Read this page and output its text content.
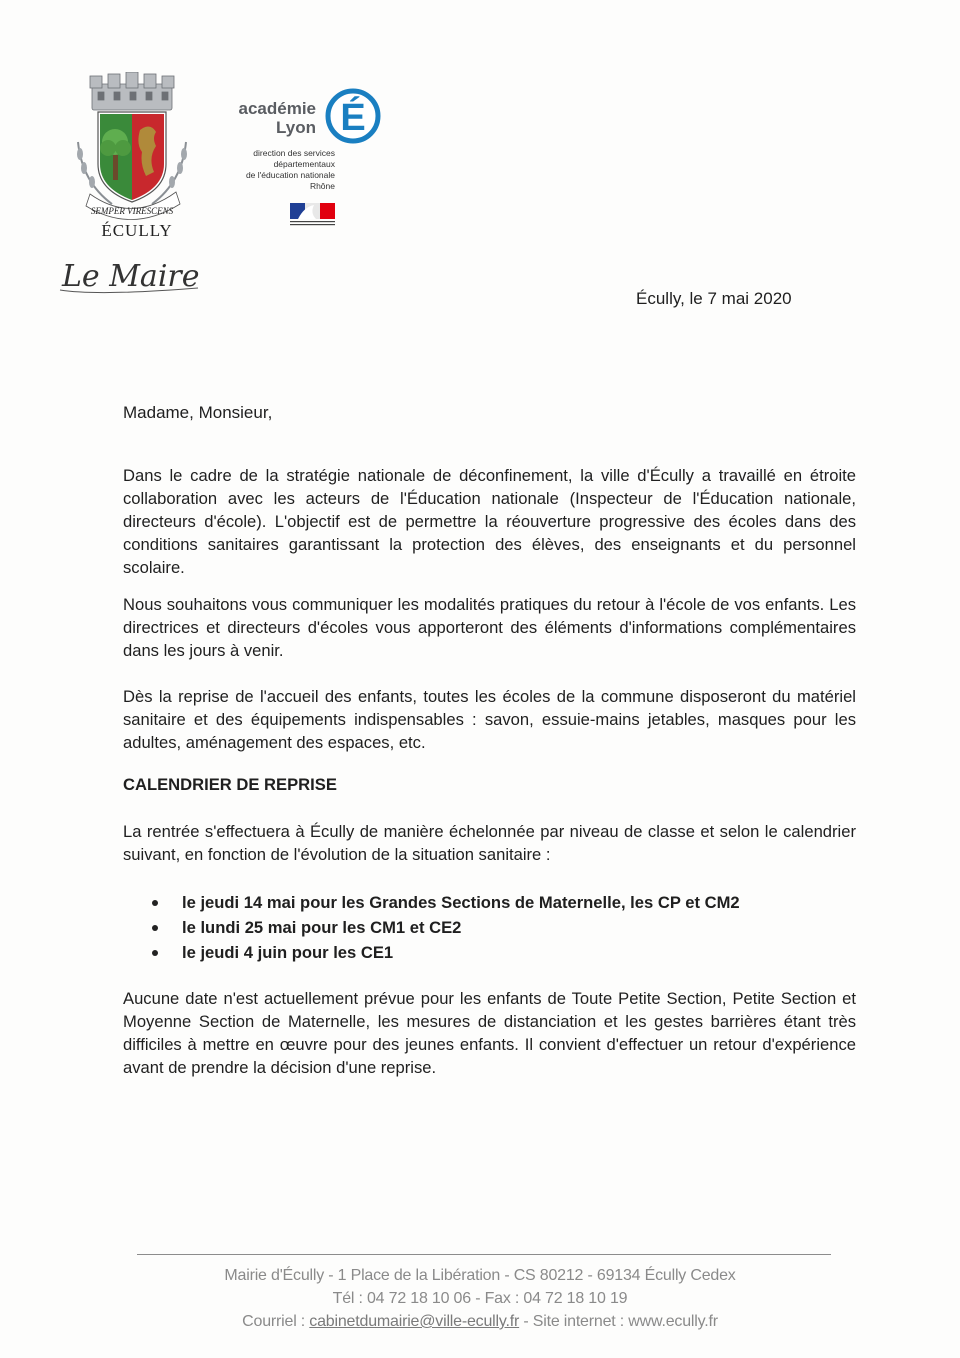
SEMPER VIRESCENS
ÉCULLY
Le Maire
académie
Lyon É
direction des services
départementaux
de l'éducation nationale
Rhône
Écully, le 7 mai 2020
Madame, Monsieur,
Dans le cadre de la stratégie nationale de déconfinement, la ville d'Écully a travaillé en étroite collaboration avec les acteurs de l'Éducation nationale (Inspecteur de l'Éducation nationale, directeurs d'école). L'objectif est de permettre la réouverture progressive des écoles dans des conditions sanitaires garantissant la protection des élèves, des enseignants et du personnel scolaire.
Nous souhaitons vous communiquer les modalités pratiques du retour à l'école de vos enfants. Les directrices et directeurs d'écoles vous apporteront des éléments d'informations complémentaires dans les jours à venir.
Dès la reprise de l'accueil des enfants, toutes les écoles de la commune disposeront du matériel sanitaire et des équipements indispensables : savon, essuie-mains jetables, masques pour les adultes, aménagement des espaces, etc.
CALENDRIER DE REPRISE
La rentrée s'effectuera à Écully de manière échelonnée par niveau de classe et selon le calendrier suivant, en fonction de l'évolution de la situation sanitaire :
le jeudi 14 mai pour les Grandes Sections de Maternelle, les CP et CM2
le lundi 25 mai pour les CM1 et CE2
le jeudi 4 juin pour les CE1
Aucune date n'est actuellement prévue pour les enfants de Toute Petite Section, Petite Section et Moyenne Section de Maternelle, les mesures de distanciation et les gestes barrières étant très difficiles à mettre en œuvre pour des jeunes enfants. Il convient d'effectuer un retour d'expérience avant de prendre la décision d'une reprise.
Mairie d'Écully - 1 Place de la Libération - CS 80212 - 69134 Écully Cedex
Tél : 04 72 18 10 06 - Fax : 04 72 18 10 19
Courriel : cabinetdumairie@ville-ecully.fr - Site internet : www.ecully.fr
